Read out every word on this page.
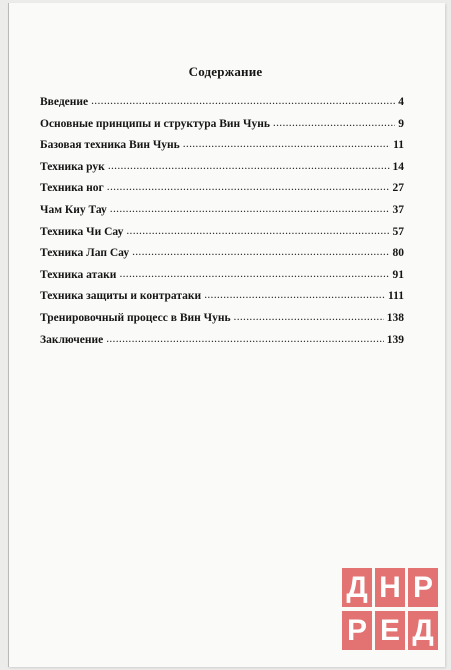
Содержание
Введение .....	4
Основные принципы и структура Вин Чунь .....	9
Базовая техника Вин Чунь .....	11
Техника рук .....	14
Техника ног .....	27
Чам Киу Тау .....	37
Техника Чи Сау .....	57
Техника Лап Сау .....	80
Техника атаки .....	91
Техника защиты и контратаки .....	111
Тренировочный процесс в Вин Чунь .....	138
Заключение .....	139
Д Н Р
Р Е Д
